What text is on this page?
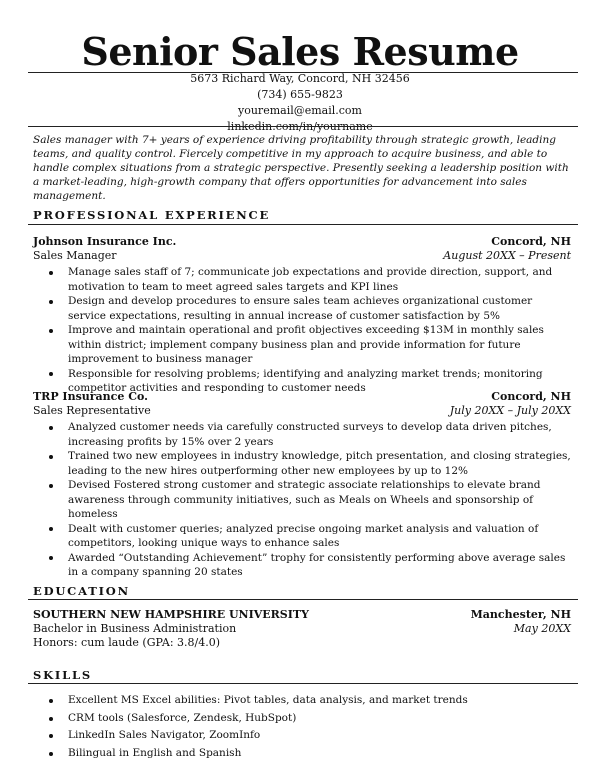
Senior Sales Resume
5673 Richard Way, Concord, NH 32456
(734) 655-9823
youremail@email.com
linkedin.com/in/yourname
Sales manager with 7+ years of experience driving profitability through strategic growth, leading teams, and quality control. Fiercely competitive in my approach to acquire business, and able to handle complex situations from a strategic perspective. Presently seeking a leadership position with a market-leading, high-growth company that offers opportunities for advancement into sales management.
PROFESSIONAL EXPERIENCE
Johnson Insurance Inc.	Concord, NH
Sales Manager	August 20XX – Present
Manage sales staff of 7; communicate job expectations and provide direction, support, and motivation to team to meet agreed sales targets and KPI lines
Design and develop procedures to ensure sales team achieves organizational customer service expectations, resulting in annual increase of customer satisfaction by 5%
Improve and maintain operational and profit objectives exceeding $13M in monthly sales within district; implement company business plan and provide information for future improvement to business manager
Responsible for resolving problems; identifying and analyzing market trends; monitoring competitor activities and responding to customer needs
TRP Insurance Co.	Concord, NH
Sales Representative	July 20XX – July 20XX
Analyzed customer needs via carefully constructed surveys to develop data driven pitches, increasing profits by 15% over 2 years
Trained two new employees in industry knowledge, pitch presentation, and closing strategies, leading to the new hires outperforming other new employees by up to 12%
Devised Fostered strong customer and strategic associate relationships to elevate brand awareness through community initiatives, such as Meals on Wheels and sponsorship of homeless
Dealt with customer queries; analyzed precise ongoing market analysis and valuation of competitors, looking unique ways to enhance sales
Awarded “Outstanding Achievement” trophy for consistently performing above average sales in a company spanning 20 states
EDUCATION
SOUTHERN NEW HAMPSHIRE UNIVERSITY	Manchester, NH
Bachelor in Business Administration	May 20XX
Honors: cum laude (GPA: 3.8/4.0)
SKILLS
Excellent MS Excel abilities: Pivot tables, data analysis, and market trends
CRM tools (Salesforce, Zendesk, HubSpot)
LinkedIn Sales Navigator, ZoomInfo
Bilingual in English and Spanish
